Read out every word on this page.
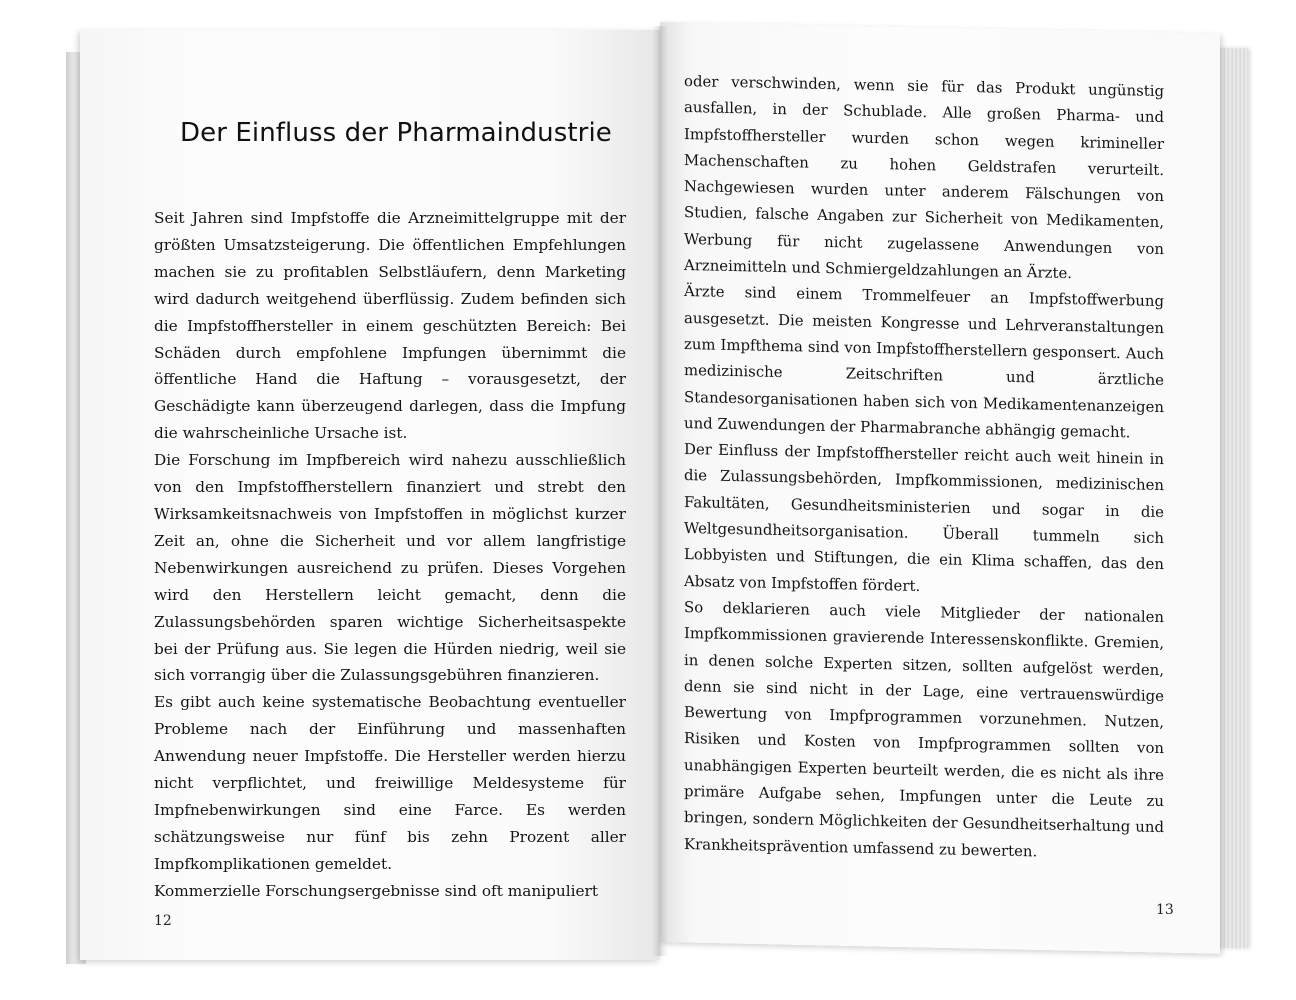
Der Einfluss der Pharmaindustrie

Seit Jahren sind Impfstoffe die Arzneimittelgruppe mit der größten Umsatzsteigerung. Die öffentlichen Empfehlungen machen sie zu profitablen Selbstläufern, denn Marketing wird dadurch weitgehend überflüssig. Zudem befinden sich die Impfstoffhersteller in einem geschützten Bereich: Bei Schäden durch empfohlene Impfungen übernimmt die öffentliche Hand die Haftung – vorausgesetzt, der Geschädigte kann überzeugend darlegen, dass die Impfung die wahrscheinliche Ursache ist.

Die Forschung im Impfbereich wird nahezu ausschließlich von den Impfstoffherstellern finanziert und strebt den Wirksamkeitsnachweis von Impfstoffen in möglichst kurzer Zeit an, ohne die Sicherheit und vor allem langfristige Nebenwirkungen ausreichend zu prüfen. Dieses Vorgehen wird den Herstellern leicht gemacht, denn die Zulassungsbehörden sparen wichtige Sicherheitsaspekte bei der Prüfung aus. Sie legen die Hürden niedrig, weil sie sich vorrangig über die Zulassungsgebühren finanzieren.

Es gibt auch keine systematische Beobachtung eventueller Probleme nach der Einführung und massenhaften Anwendung neuer Impfstoffe. Die Hersteller werden hierzu nicht verpflichtet, und freiwillige Meldesysteme für Impfnebenwirkungen sind eine Farce. Es werden schätzungsweise nur fünf bis zehn Prozent aller Impfkomplikationen gemeldet.

Kommerzielle Forschungsergebnisse sind oft manipuliert

oder verschwinden, wenn sie für das Produkt ungünstig ausfallen, in der Schublade. Alle großen Pharma- und Impfstoffhersteller wurden schon wegen krimineller Machenschaften zu hohen Geldstrafen verurteilt. Nachgewiesen wurden unter anderem Fälschungen von Studien, falsche Angaben zur Sicherheit von Medikamenten, Werbung für nicht zugelassene Anwendungen von Arzneimitteln und Schmiergeldzahlungen an Ärzte.

Ärzte sind einem Trommelfeuer an Impfstoffwerbung ausgesetzt. Die meisten Kongresse und Lehrveranstaltungen zum Impfthema sind von Impfstoffherstellern gesponsert. Auch medizinische Zeitschriften und ärztliche Standesorganisationen haben sich von Medikamentenanzeigen und Zuwendungen der Pharmabranche abhängig gemacht.

Der Einfluss der Impfstoffhersteller reicht auch weit hinein in die Zulassungsbehörden, Impfkommissionen, medizinischen Fakultäten, Gesundheitsministerien und sogar in die Weltgesundheitsorganisation. Überall tummeln sich Lobbyisten und Stiftungen, die ein Klima schaffen, das den Absatz von Impfstoffen fördert.

So deklarieren auch viele Mitglieder der nationalen Impfkommissionen gravierende Interessenskonflikte. Gremien, in denen solche Experten sitzen, sollten aufgelöst werden, denn sie sind nicht in der Lage, eine vertrauenswürdige Bewertung von Impfprogrammen vorzunehmen. Nutzen, Risiken und Kosten von Impfprogrammen sollten von unabhängigen Experten beurteilt werden, die es nicht als ihre primäre Aufgabe sehen, Impfungen unter die Leute zu bringen, sondern Möglichkeiten der Gesundheitserhaltung und Krankheitsprävention umfassend zu bewerten.

12
13
